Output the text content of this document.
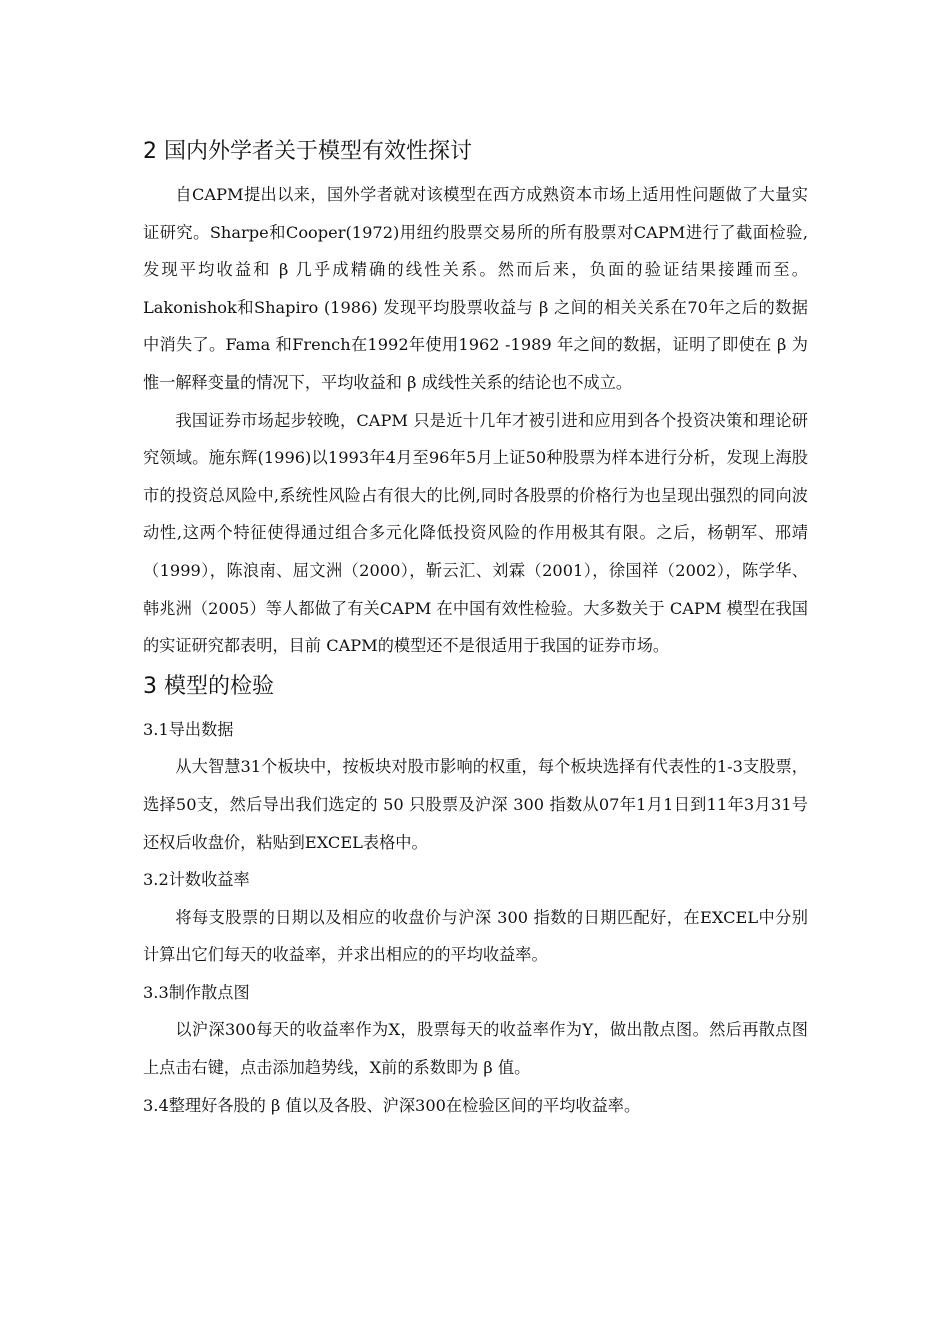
2 国内外学者关于模型有效性探讨

自CAPM提出以来，国外学者就对该模型在西方成熟资本市场上适用性问题做了大量实证研究。Sharpe和Cooper(1972)用纽约股票交易所的所有股票对CAPM进行了截面检验,发现平均收益和 β 几乎成精确的线性关系。然而后来，负面的验证结果接踵而至。Lakonishok和Shapiro (1986) 发现平均股票收益与 β 之间的相关关系在70年之后的数据中消失了。Fama 和French在1992年使用1962 -1989 年之间的数据，证明了即使在 β 为惟一解释变量的情况下，平均收益和 β 成线性关系的结论也不成立。

我国证券市场起步较晚，CAPM 只是近十几年才被引进和应用到各个投资决策和理论研究领域。施东辉(1996)以1993年4月至96年5月上证50种股票为样本进行分析，发现上海股市的投资总风险中,系统性风险占有很大的比例,同时各股票的价格行为也呈现出强烈的同向波动性,这两个特征使得通过组合多元化降低投资风险的作用极其有限。之后，杨朝军、邢靖（1999），陈浪南、屈文洲（2000），靳云汇、刘霖（2001），徐国祥（2002），陈学华、韩兆洲（2005）等人都做了有关CAPM 在中国有效性检验。大多数关于 CAPM 模型在我国的实证研究都表明，目前 CAPM的模型还不是很适用于我国的证券市场。

3 模型的检验

3.1导出数据

从大智慧31个板块中，按板块对股市影响的权重，每个板块选择有代表性的1-3支股票，选择50支，然后导出我们选定的 50 只股票及沪深 300 指数从07年1月1日到11年3月31号还权后收盘价，粘贴到EXCEL表格中。

3.2计数收益率

将每支股票的日期以及相应的收盘价与沪深 300 指数的日期匹配好，在EXCEL中分别计算出它们每天的收益率，并求出相应的的平均收益率。

3.3制作散点图

以沪深300每天的收益率作为X，股票每天的收益率作为Y，做出散点图。然后再散点图上点击右键，点击添加趋势线，X前的系数即为 β 值。

3.4整理好各股的 β 值以及各股、沪深300在检验区间的平均收益率。
